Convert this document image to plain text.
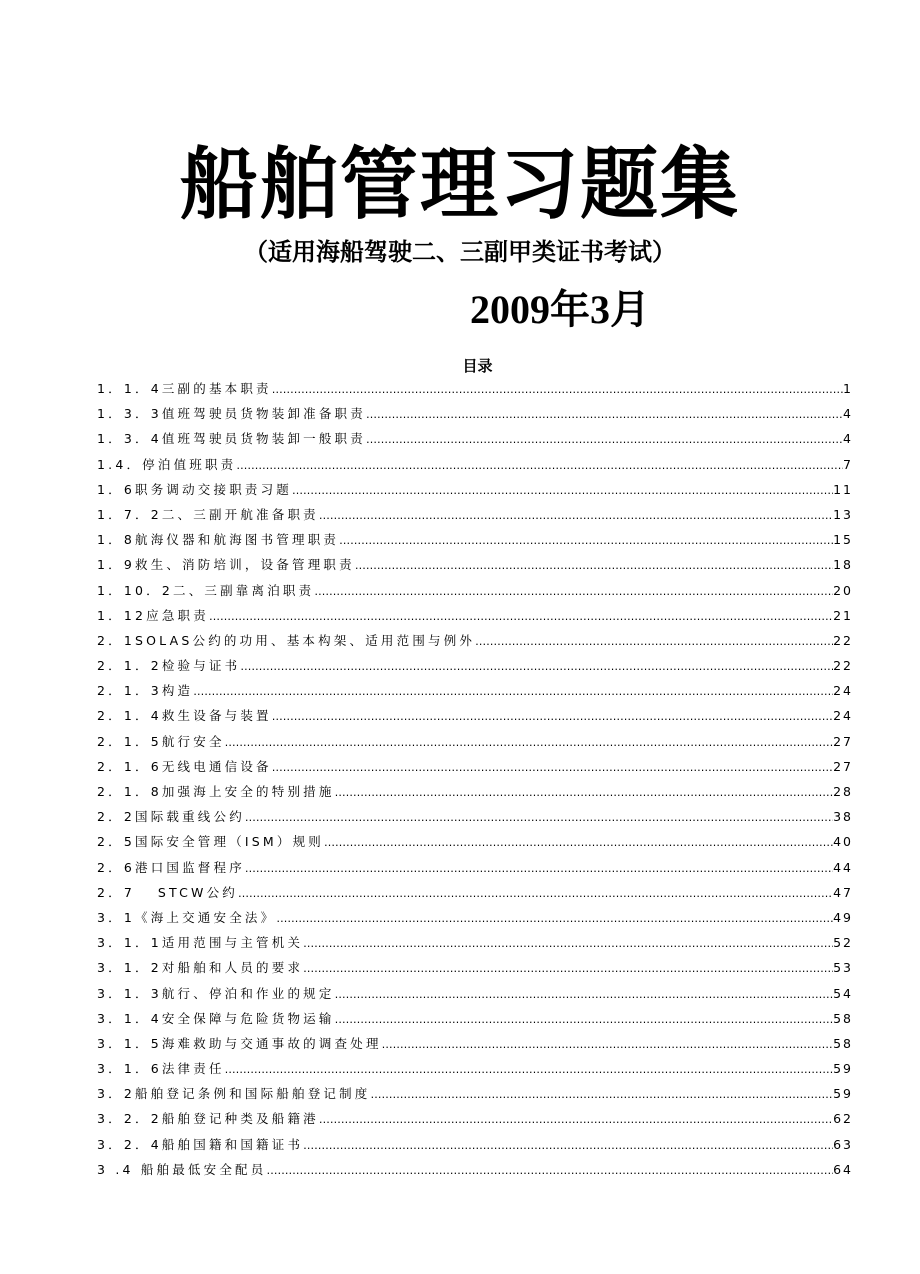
船舶管理习题集
（适用海船驾驶二、三副甲类证书考试）
2009年3月
目录
1．1．4三副的基本职责 …………………………………………………………………………………………………………………………………………………………………………………………………………	1
1．3．3值班驾驶员货物装卸准备职责 …………………………………………………………………………………………………………………………………………………………………………………………………………	4
1．3．4值班驾驶员货物装卸一般职责 …………………………………………………………………………………………………………………………………………………………………………………………………………	4
1.4．停泊值班职责 …………………………………………………………………………………………………………………………………………………………………………………………………………	7
1．6职务调动交接职责习题 …………………………………………………………………………………………………………………………………………………………………………………………………………	11
1．7．2二、三副开航准备职责 …………………………………………………………………………………………………………………………………………………………………………………………………………	13
1．8航海仪器和航海图书管理职责 …………………………………………………………………………………………………………………………………………………………………………………………………………	15
1．9救生、消防培训，设备管理职责 …………………………………………………………………………………………………………………………………………………………………………………………………………	18
1．10．2二、三副靠离泊职责 …………………………………………………………………………………………………………………………………………………………………………………………………………	20
1．12应急职责 …………………………………………………………………………………………………………………………………………………………………………………………………………	21
2．1SOLAS公约的功用、基本构架、适用范围与例外 …………………………………………………………………………………………………………………………………………………………………………………………………………	22
2．1．2检验与证书 …………………………………………………………………………………………………………………………………………………………………………………………………………	22
2．1．3构造 …………………………………………………………………………………………………………………………………………………………………………………………………………	24
2．1．4救生设备与装置 …………………………………………………………………………………………………………………………………………………………………………………………………………	24
2．1．5航行安全 …………………………………………………………………………………………………………………………………………………………………………………………………………	27
2．1．6无线电通信设备 …………………………………………………………………………………………………………………………………………………………………………………………………………	27
2．1．8加强海上安全的特别措施 …………………………………………………………………………………………………………………………………………………………………………………………………………	28
2．2国际载重线公约 …………………………………………………………………………………………………………………………………………………………………………………………………………	38
2．5国际安全管理（ISM）规则 …………………………………………………………………………………………………………………………………………………………………………………………………………	40
2．6港口国监督程序 …………………………………………………………………………………………………………………………………………………………………………………………………………	44
2．7　 STCW公约 …………………………………………………………………………………………………………………………………………………………………………………………………………	47
3．1《海上交通安全法》 …………………………………………………………………………………………………………………………………………………………………………………………………………	49
3．1．1适用范围与主管机关 …………………………………………………………………………………………………………………………………………………………………………………………………………	52
3．1．2对船舶和人员的要求 …………………………………………………………………………………………………………………………………………………………………………………………………………	53
3．1．3航行、停泊和作业的规定 …………………………………………………………………………………………………………………………………………………………………………………………………………	54
3．1．4安全保障与危险货物运输 …………………………………………………………………………………………………………………………………………………………………………………………………………	58
3．1．5海难救助与交通事故的调查处理 …………………………………………………………………………………………………………………………………………………………………………………………………………	58
3．1．6法律责任 …………………………………………………………………………………………………………………………………………………………………………………………………………	59
3．2船舶登记条例和国际船舶登记制度 …………………………………………………………………………………………………………………………………………………………………………………………………………	59
3．2．2船舶登记种类及船籍港 …………………………………………………………………………………………………………………………………………………………………………………………………………	62
3．2．4船舶国籍和国籍证书 …………………………………………………………………………………………………………………………………………………………………………………………………………	63
3 .4 船舶最低安全配员 …………………………………………………………………………………………………………………………………………………………………………………………………………	64
